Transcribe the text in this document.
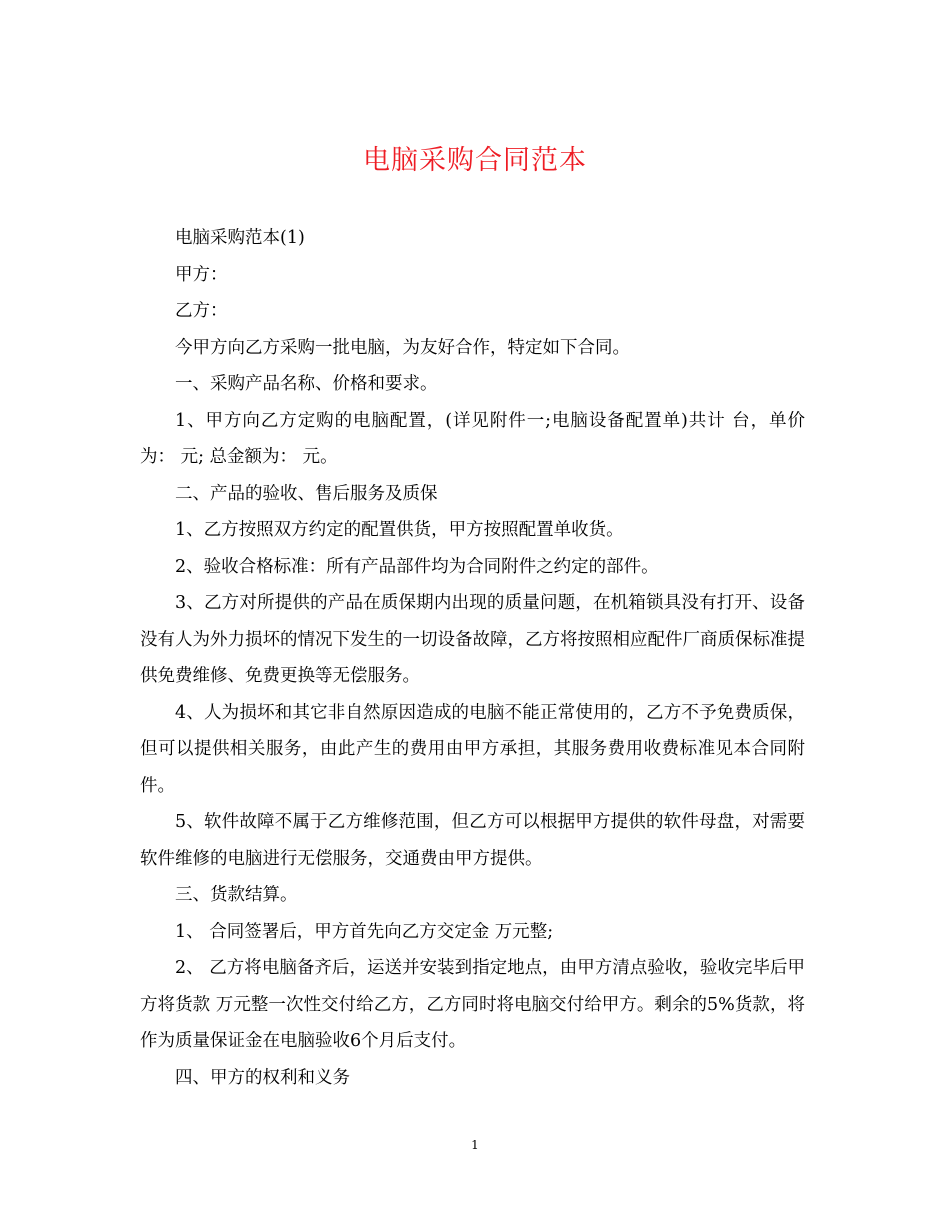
电脑采购合同范本

电脑采购范本(1)

甲方：

乙方：

今甲方向乙方采购一批电脑，为友好合作，特定如下合同。

一、采购产品名称、价格和要求。

1、甲方向乙方定购的电脑配置，(详见附件一;电脑设备配置单)共计 台，单价为： 元; 总金额为： 元。

二、产品的验收、售后服务及质保

1、乙方按照双方约定的配置供货，甲方按照配置单收货。

2、验收合格标准：所有产品部件均为合同附件之约定的部件。

3、乙方对所提供的产品在质保期内出现的质量问题，在机箱锁具没有打开、设备没有人为外力损坏的情况下发生的一切设备故障，乙方将按照相应配件厂商质保标准提供免费维修、免费更换等无偿服务。

4、人为损坏和其它非自然原因造成的电脑不能正常使用的，乙方不予免费质保，但可以提供相关服务，由此产生的费用由甲方承担，其服务费用收费标准见本合同附件。

5、软件故障不属于乙方维修范围，但乙方可以根据甲方提供的软件母盘，对需要软件维修的电脑进行无偿服务，交通费由甲方提供。

三、货款结算。

1、 合同签署后，甲方首先向乙方交定金 万元整;

2、 乙方将电脑备齐后，运送并安装到指定地点，由甲方清点验收，验收完毕后甲方将货款 万元整一次性交付给乙方，乙方同时将电脑交付给甲方。剩余的5%货款，将作为质量保证金在电脑验收6个月后支付。

四、甲方的权利和义务

1
